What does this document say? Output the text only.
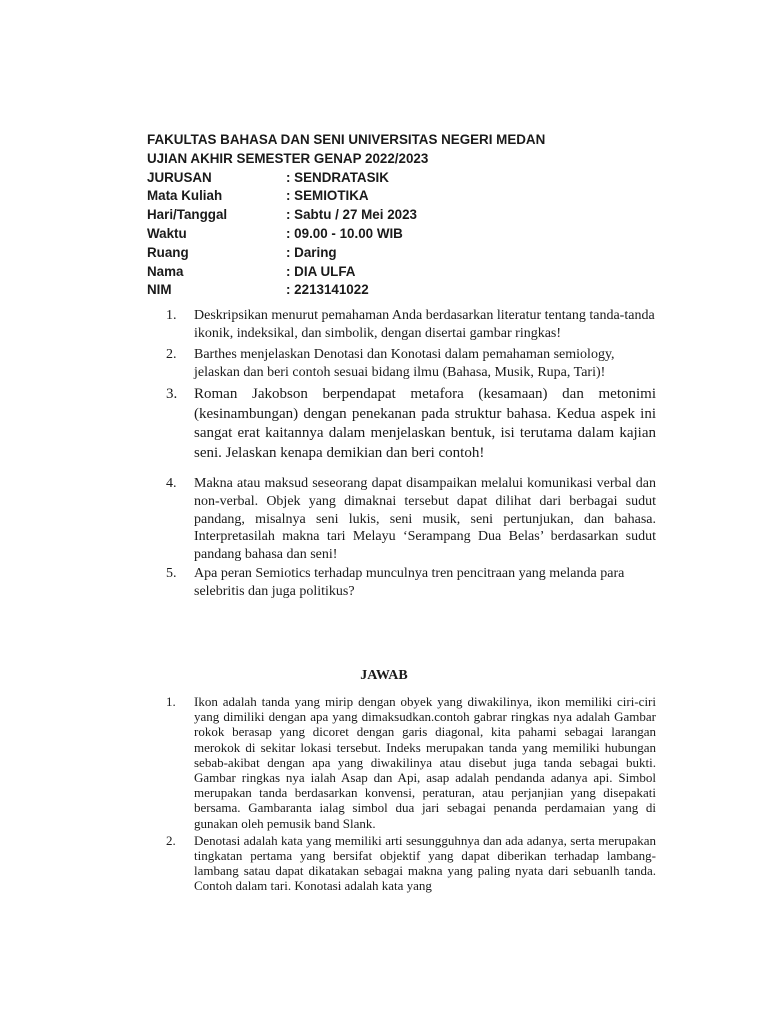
FAKULTAS BAHASA DAN SENI UNIVERSITAS NEGERI MEDAN
UJIAN AKHIR SEMESTER GENAP 2022/2023
JURUSAN	: SENDRATASIK
Mata Kuliah	: SEMIOTIKA
Hari/Tanggal	: Sabtu / 27 Mei 2023
Waktu	: 09.00 - 10.00 WIB
Ruang	: Daring
Nama	: DIA ULFA
NIM	: 2213141022
1.	Deskripsikan menurut pemahaman Anda berdasarkan literatur tentang tanda-tanda ikonik, indeksikal, dan simbolik, dengan disertai gambar ringkas!
2.	Barthes menjelaskan Denotasi dan Konotasi dalam pemahaman semiology, jelaskan dan beri contoh sesuai bidang ilmu (Bahasa, Musik, Rupa, Tari)!
3.	Roman Jakobson berpendapat metafora (kesamaan) dan metonimi (kesinambungan) dengan penekanan pada struktur bahasa. Kedua aspek ini sangat erat kaitannya dalam menjelaskan bentuk, isi terutama dalam kajian seni. Jelaskan kenapa demikian dan beri contoh!
4.	Makna atau maksud seseorang dapat disampaikan melalui komunikasi verbal dan non-verbal. Objek yang dimaknai tersebut dapat dilihat dari berbagai sudut pandang, misalnya seni lukis, seni musik, seni pertunjukan, dan bahasa. Interpretasilah makna tari Melayu ‘Serampang Dua Belas’ berdasarkan sudut pandang bahasa dan seni!
5.	Apa peran Semiotics terhadap munculnya tren pencitraan yang melanda para selebritis dan juga politikus?
JAWAB
1.	Ikon adalah tanda yang mirip dengan obyek yang diwakilinya, ikon memiliki ciri-ciri yang dimiliki dengan apa yang dimaksudkan.contoh gabrar ringkas nya adalah Gambar rokok berasap yang dicoret dengan garis diagonal, kita pahami sebagai larangan merokok di sekitar lokasi tersebut. Indeks merupakan tanda yang memiliki hubungan sebab-akibat dengan apa yang diwakilinya atau disebut juga tanda sebagai bukti. Gambar ringkas nya ialah Asap dan Api, asap adalah pendanda adanya api. Simbol merupakan tanda berdasarkan konvensi, peraturan, atau perjanjian yang disepakati bersama. Gambaranta ialag simbol dua jari sebagai penanda perdamaian yang di gunakan oleh pemusik band Slank.
2.	Denotasi adalah kata yang memiliki arti sesungguhnya dan ada adanya, serta merupakan tingkatan pertama yang bersifat objektif yang dapat diberikan terhadap lambang-lambang satau dapat dikatakan sebagai makna yang paling nyata dari sebuanlh tanda. Contoh dalam tari. Konotasi adalah kata yang
